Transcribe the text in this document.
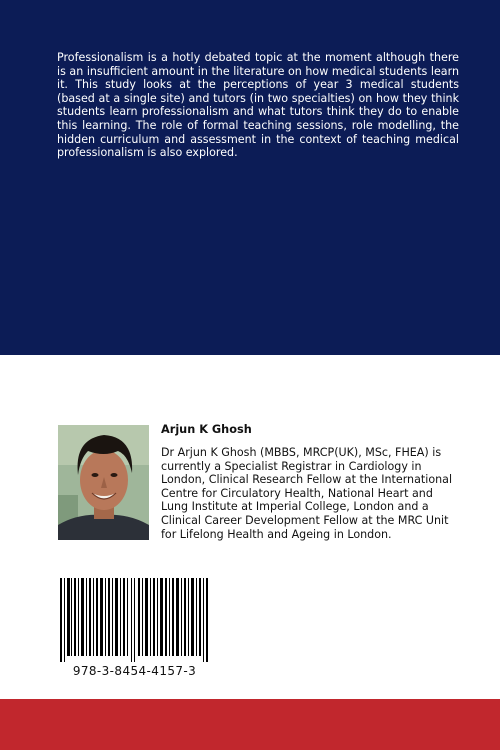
Professionalism is a hotly debated topic at the moment although there is an insufficient amount in the literature on how medical students learn it. This study looks at the perceptions of year 3 medical students (based at a single site) and tutors (in two specialties) on how they think students learn professionalism and what tutors think they do to enable this learning. The role of formal teaching sessions, role modelling, the hidden curriculum and assessment in the context of teaching medical professionalism is also explored.

Arjun K Ghosh

Dr Arjun K Ghosh (MBBS, MRCP(UK), MSc, FHEA) is currently a Specialist Registrar in Cardiology in London, Clinical Research Fellow at the International Centre for Circulatory Health, National Heart and Lung Institute at Imperial College, London and a Clinical Career Development Fellow at the MRC Unit for Lifelong Health and Ageing in London.

978-3-8454-4157-3
